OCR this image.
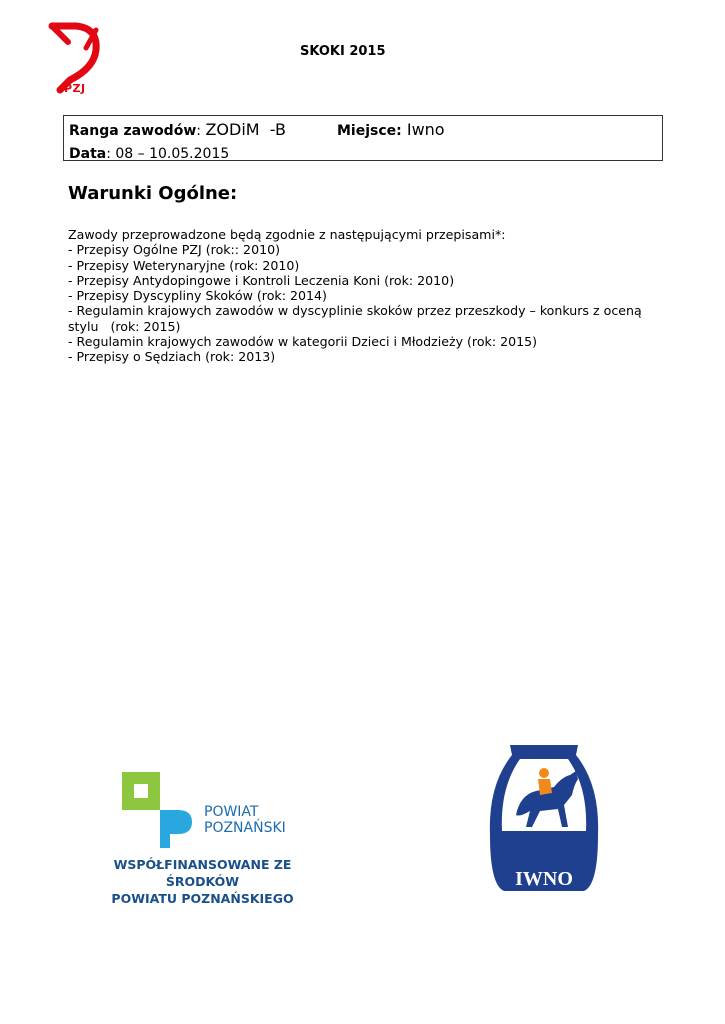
PZJ
SKOKI 2015
Ranga zawodów: ZODiM  -B	Miejsce: Iwno
Data: 08 – 10.05.2015
Warunki Ogólne:
Zawody przeprowadzone będą zgodnie z następującymi przepisami*:
- Przepisy Ogólne PZJ (rok:: 2010)
- Przepisy Weterynaryjne (rok: 2010)
- Przepisy Antydopingowe i Kontroli Leczenia Koni (rok: 2010)
- Przepisy Dyscypliny Skoków (rok: 2014)
- Regulamin krajowych zawodów w dyscyplinie skoków przez przeszkody – konkurs z oceną
stylu   (rok: 2015)
- Regulamin krajowych zawodów w kategorii Dzieci i Młodzieży (rok: 2015)
- Przepisy o Sędziach (rok: 2013)
POWIAT
POZNAŃSKI
WSPÓŁFINANSOWANE ZE ŚRODKÓW
POWIATU POZNAŃSKIEGO
LKJ
„ABARIA”
IWNO
